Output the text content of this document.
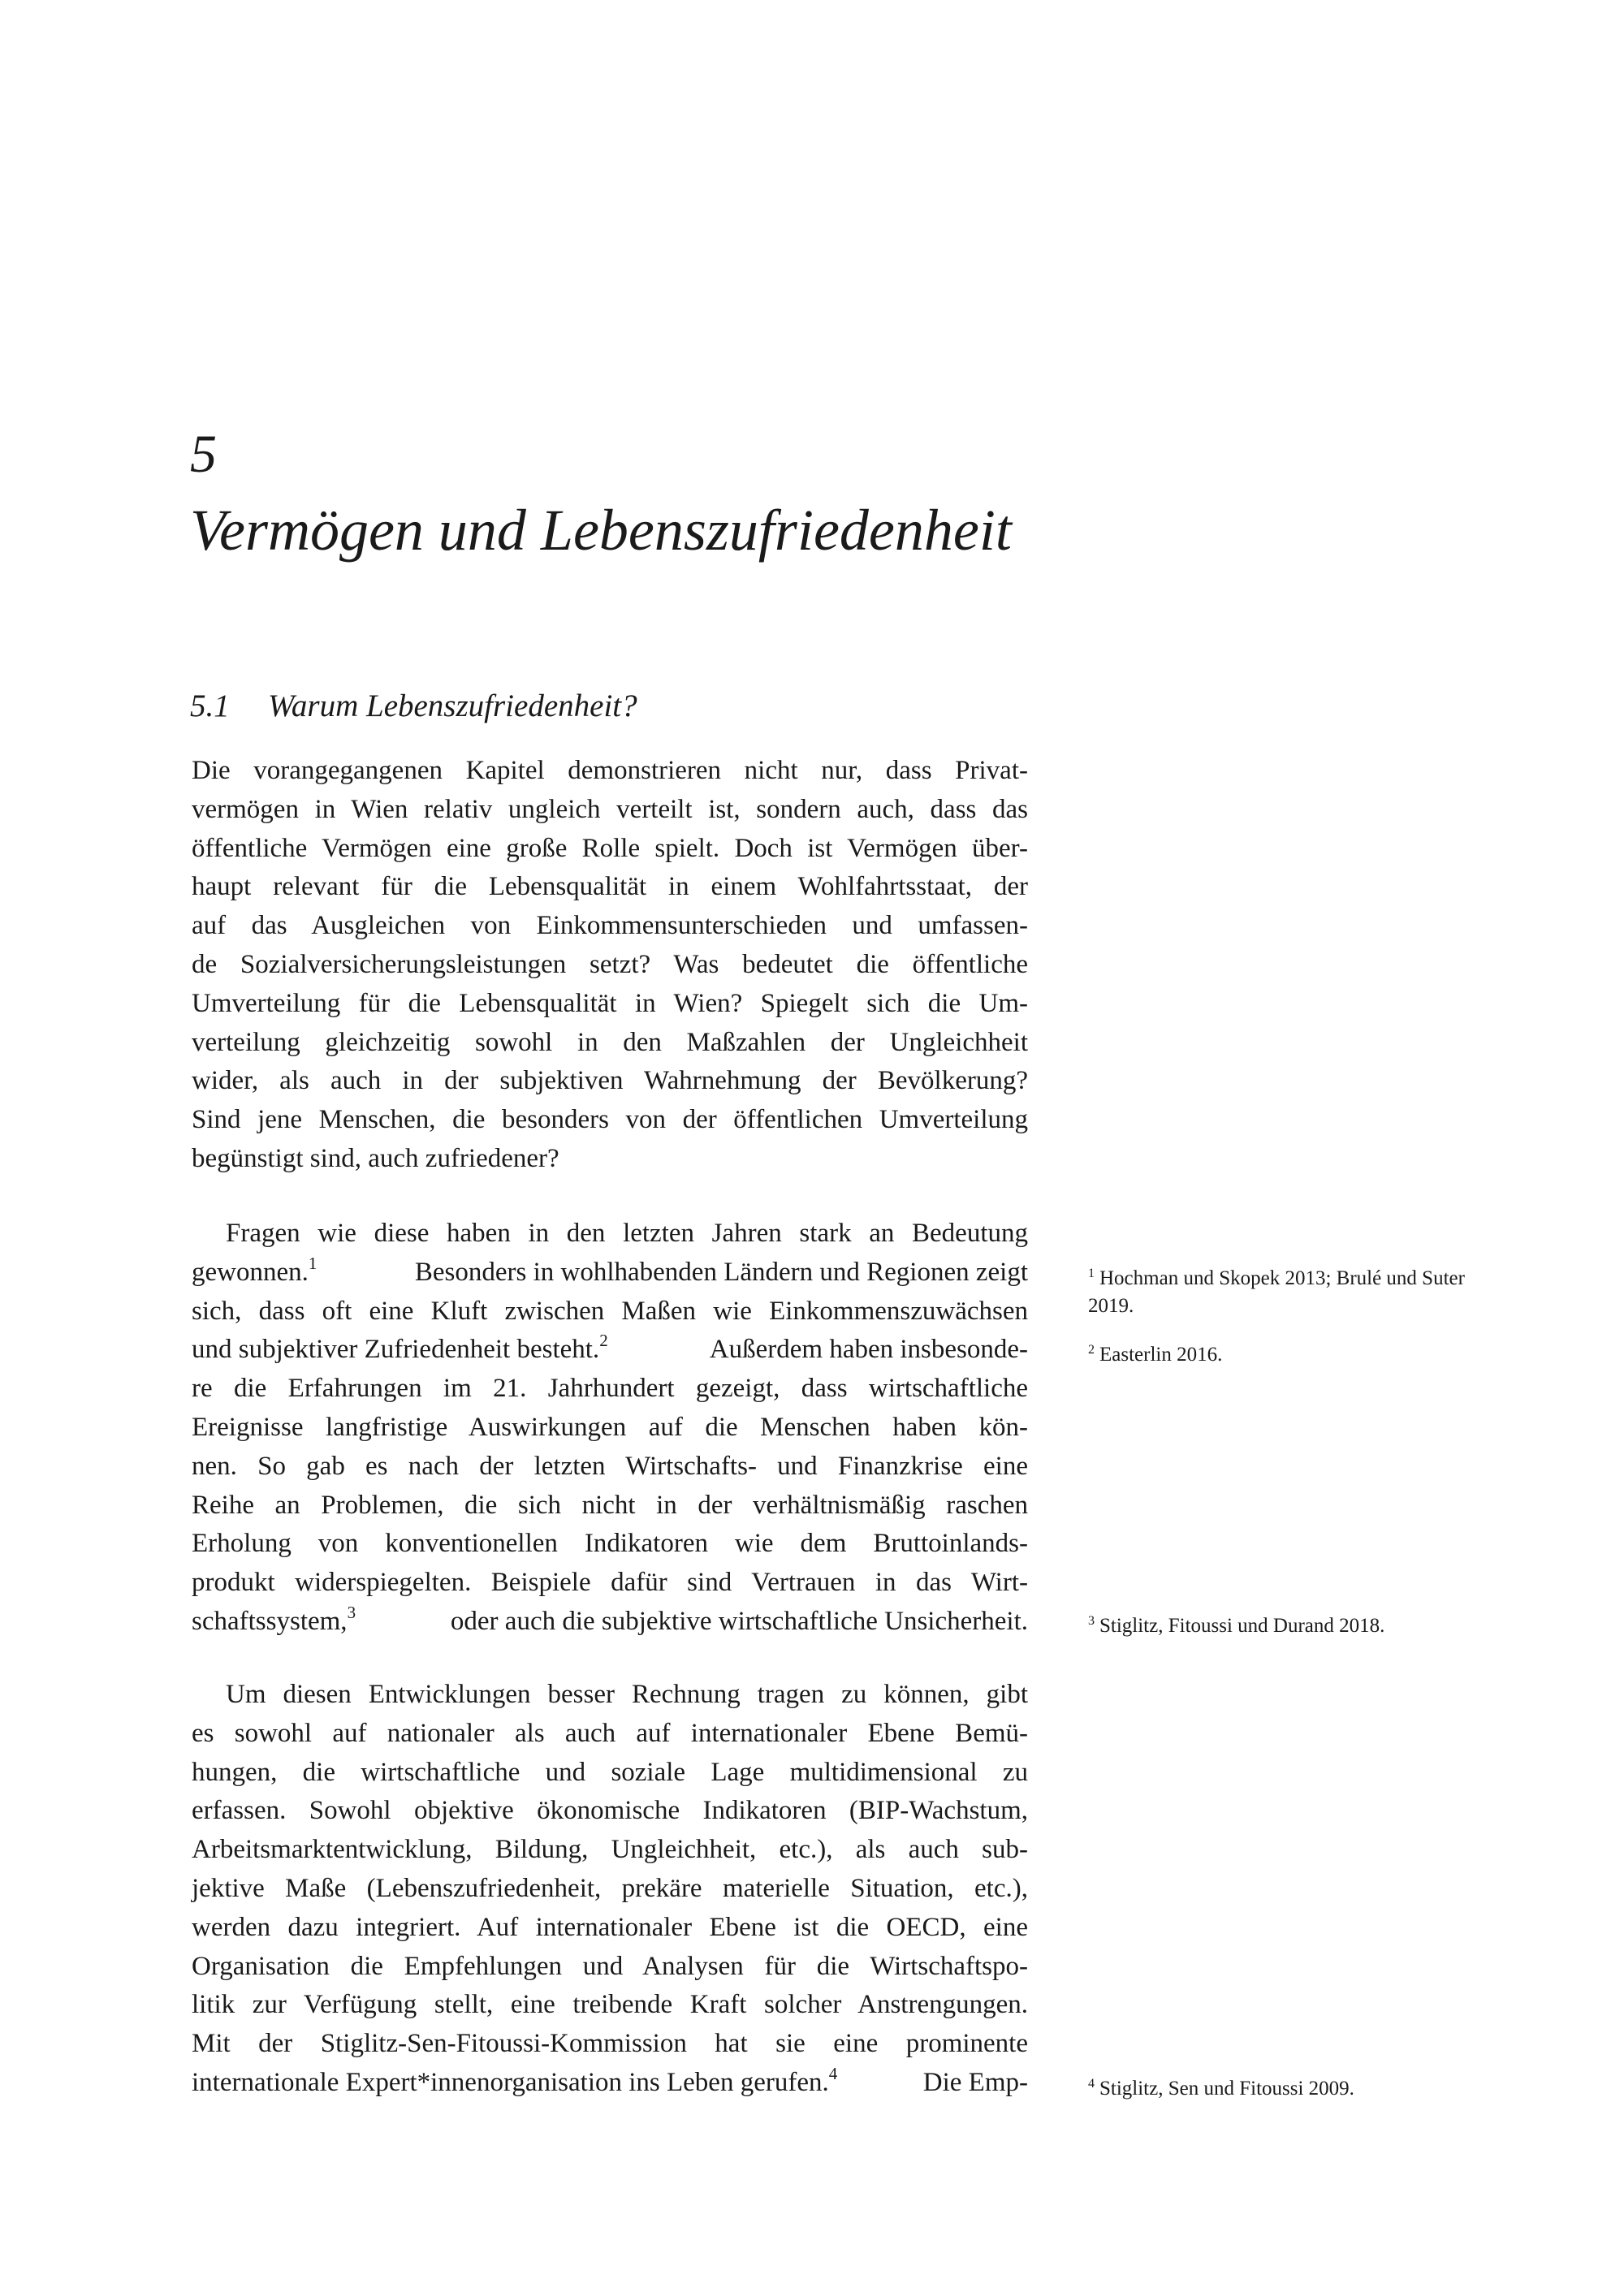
5
Vermögen und Lebenszufriedenheit
5.1 Warum Lebenszufriedenheit?
Die vorangegangenen Kapitel demonstrieren nicht nur, dass Privat-
vermögen in Wien relativ ungleich verteilt ist, sondern auch, dass das
öffentliche Vermögen eine große Rolle spielt. Doch ist Vermögen über-
haupt relevant für die Lebensqualität in einem Wohlfahrtsstaat, der
auf das Ausgleichen von Einkommensunterschieden und umfassen-
de Sozialversicherungsleistungen setzt? Was bedeutet die öffentliche
Umverteilung für die Lebensqualität in Wien? Spiegelt sich die Um-
verteilung gleichzeitig sowohl in den Maßzahlen der Ungleichheit
wider, als auch in der subjektiven Wahrnehmung der Bevölkerung?
Sind jene Menschen, die besonders von der öffentlichen Umverteilung
begünstigt sind, auch zufriedener?
Fragen wie diese haben in den letzten Jahren stark an Bedeutung
gewonnen.$^1$	Besonders in wohlhabenden Ländern und Regionen zeigt
sich, dass oft eine Kluft zwischen Maßen wie Einkommenszuwächsen
und subjektiver Zufriedenheit besteht.$^2$	Außerdem haben insbesonde-
re die Erfahrungen im 21. Jahrhundert gezeigt, dass wirtschaftliche
Ereignisse langfristige Auswirkungen auf die Menschen haben kön-
nen. So gab es nach der letzten Wirtschafts- und Finanzkrise eine
Reihe an Problemen, die sich nicht in der verhältnismäßig raschen
Erholung von konventionellen Indikatoren wie dem Bruttoinlands-
produkt widerspiegelten. Beispiele dafür sind Vertrauen in das Wirt-
schaftssystem,$^3$	oder auch die subjektive wirtschaftliche Unsicherheit.
Um diesen Entwicklungen besser Rechnung tragen zu können, gibt
es sowohl auf nationaler als auch auf internationaler Ebene Bemü-
hungen, die wirtschaftliche und soziale Lage multidimensional zu
erfassen. Sowohl objektive ökonomische Indikatoren (BIP-Wachstum,
Arbeitsmarktentwicklung, Bildung, Ungleichheit, etc.), als auch sub-
jektive Maße (Lebenszufriedenheit, prekäre materielle Situation, etc.),
werden dazu integriert. Auf internationaler Ebene ist die OECD, eine
Organisation die Empfehlungen und Analysen für die Wirtschaftspo-
litik zur Verfügung stellt, eine treibende Kraft solcher Anstrengungen.
Mit der Stiglitz-Sen-Fitoussi-Kommission hat sie eine prominente
internationale Expert*innenorganisation ins Leben gerufen.$^4$	Die Emp-

$^1$ Hochman und Skopek 2013; Brulé und Suter 2019.

$^2$ Easterlin 2016.

$^3$ Stiglitz, Fitoussi und Durand 2018.

$^4$ Stiglitz, Sen und Fitoussi 2009.
